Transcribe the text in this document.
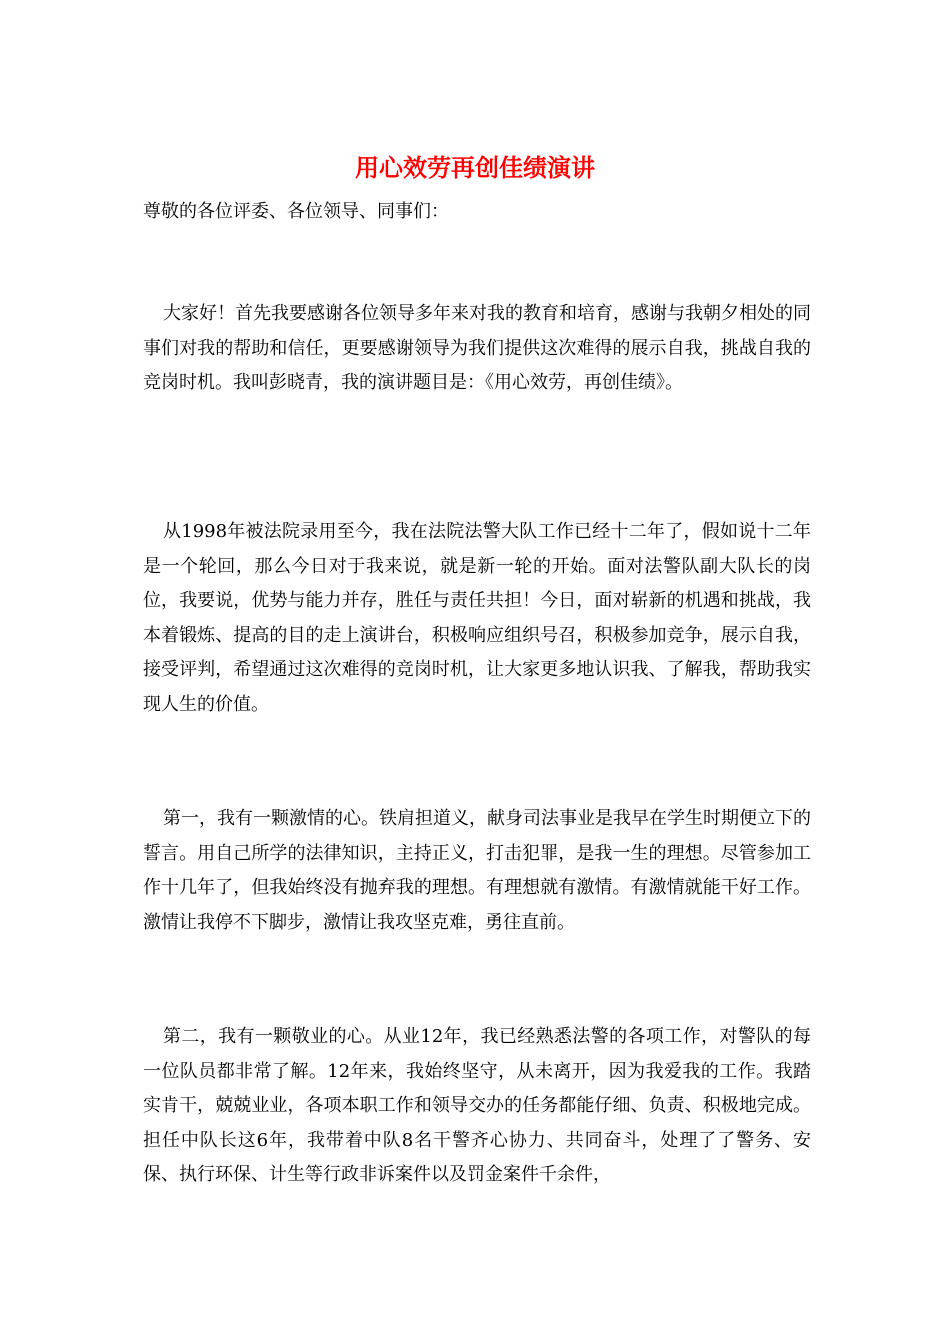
用心效劳再创佳绩演讲

尊敬的各位评委、各位领导、同事们：

大家好！首先我要感谢各位领导多年来对我的教育和培育，感谢与我朝夕相处的同事们对我的帮助和信任，更要感谢领导为我们提供这次难得的展示自我，挑战自我的竞岗时机。我叫彭晓青，我的演讲题目是：《用心效劳，再创佳绩》。

从1998年被法院录用至今，我在法院法警大队工作已经十二年了，假如说十二年是一个轮回，那么今日对于我来说，就是新一轮的开始。面对法警队副大队长的岗位，我要说，优势与能力并存，胜任与责任共担！今日，面对崭新的机遇和挑战，我本着锻炼、提高的目的走上演讲台，积极响应组织号召，积极参加竞争，展示自我，接受评判，希望通过这次难得的竞岗时机，让大家更多地认识我、了解我，帮助我实现人生的价值。

第一，我有一颗激情的心。铁肩担道义，献身司法事业是我早在学生时期便立下的誓言。用自己所学的法律知识，主持正义，打击犯罪，是我一生的理想。尽管参加工作十几年了，但我始终没有抛弃我的理想。有理想就有激情。有激情就能干好工作。激情让我停不下脚步，激情让我攻坚克难，勇往直前。

第二，我有一颗敬业的心。从业12年，我已经熟悉法警的各项工作，对警队的每一位队员都非常了解。12年来，我始终坚守，从未离开，因为我爱我的工作。我踏实肯干，兢兢业业，各项本职工作和领导交办的任务都能仔细、负责、积极地完成。担任中队长这6年，我带着中队8名干警齐心协力、共同奋斗，处理了了警务、安保、执行环保、计生等行政非诉案件以及罚金案件千余件，
